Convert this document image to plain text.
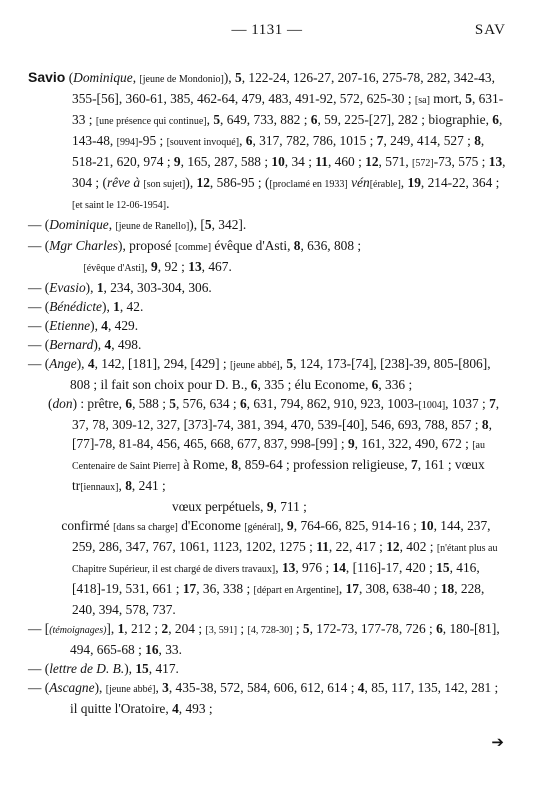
— 1131 —	SAV

Savio (Dominique, [jeune de Mondonio]), 5, 122-24, 126-27, 207-16, 275-78, 282, 342-43, 355-[56], 360-61, 385, 462-64, 479, 483, 491-92, 572, 625-30 ; [sa] mort, 5, 631-33 ; [une présence qui continue], 5, 649, 733, 882 ; 6, 59, 225-[27], 282 ; biographie, 6, 143-48, [994]-95 ; [souvent invoqué], 6, 317, 782, 786, 1015 ; 7, 249, 414, 527 ; 8, 518-21, 620, 974 ; 9, 165, 287, 588 ; 10, 34 ; 11, 460 ; 12, 571, [572]-73, 575 ; 13, 304 ; (rêve à [son sujet]), 12, 586-95 ; ([proclamé en 1933] vén[érable], 19, 214-22, 364 ; [et saint le 12-06-1954].

— (Dominique, [jeune de Ranello]), [5, 342].

— (Mgr Charles), proposé [comme] évêque d'Asti, 8, 636, 808 ;
[évêque d'Asti], 9, 92 ; 13, 467.

— (Evasio), 1, 234, 303-304, 306.

— (Bénédicte), 1, 42.

— (Etienne), 4, 429.

— (Bernard), 4, 498.

— (Ange), 4, 142, [181], 294, [429] ; [jeune abbé], 5, 124, 173-[74], [238]-39, 805-[806], 808 ; il fait son choix pour D. B., 6, 335 ; élu Econome, 6, 336 ;

(don) : prêtre, 6, 588 ; 5, 576, 634 ; 6, 631, 794, 862, 910, 923, 1003-[1004], 1037 ; 7, 37, 78, 309-12, 327, [373]-74, 381, 394, 470, 539-[40], 546, 693, 788, 857 ; 8, [77]-78, 81-84, 456, 465, 668, 677, 837, 998-[99] ; 9, 161, 322, 490, 672 ; [au Centenaire de Saint Pierre] à Rome, 8, 859-64 ; profession religieuse, 7, 161 ; vœux tr[iennaux], 8, 241 ;
vœux perpétuels, 9, 711 ;

confirmé [dans sa charge] d'Econome [général], 9, 764-66, 825, 914-16 ; 10, 144, 237, 259, 286, 347, 767, 1061, 1123, 1202, 1275 ; 11, 22, 417 ; 12, 402 ; [n'étant plus au Chapitre Supérieur, il est chargé de divers travaux], 13, 976 ; 14, [116]-17, 420 ; 15, 416, [418]-19, 531, 661 ; 17, 36, 338 ; [départ en Argentine], 17, 308, 638-40 ; 18, 228, 240, 394, 578, 737.

— [(témoignages)], 1, 212 ; 2, 204 ; [3, 591] ; [4, 728-30] ; 5, 172-73, 177-78, 726 ; 6, 180-[81], 494, 665-68 ; 16, 33.

— (lettre de D. B.), 15, 417.

— (Ascagne), [jeune abbé], 3, 435-38, 572, 584, 606, 612, 614 ; 4, 85, 117, 135, 142, 281 ; il quitte l'Oratoire, 4, 493 ;

➔
